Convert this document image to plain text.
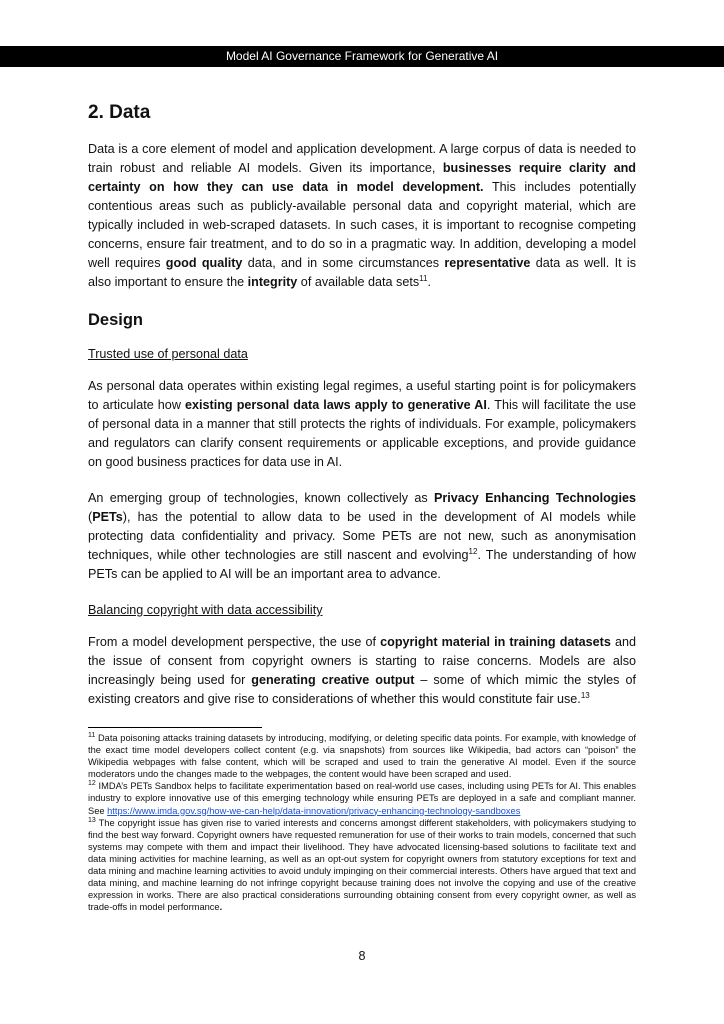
Model AI Governance Framework for Generative AI
2. Data

Data is a core element of model and application development. A large corpus of data is needed to train robust and reliable AI models. Given its importance, businesses require clarity and certainty on how they can use data in model development. This includes potentially contentious areas such as publicly-available personal data and copyright material, which are typically included in web-scraped datasets. In such cases, it is important to recognise competing concerns, ensure fair treatment, and to do so in a pragmatic way. In addition, developing a model well requires good quality data, and in some circumstances representative data as well. It is also important to ensure the integrity of available data sets$^{11}$.

Design
Trusted use of personal data

As personal data operates within existing legal regimes, a useful starting point is for policymakers to articulate how existing personal data laws apply to generative AI. This will facilitate the use of personal data in a manner that still protects the rights of individuals. For example, policymakers and regulators can clarify consent requirements or applicable exceptions, and provide guidance on good business practices for data use in AI.

An emerging group of technologies, known collectively as Privacy Enhancing Technologies (PETs), has the potential to allow data to be used in the development of AI models while protecting data confidentiality and privacy. Some PETs are not new, such as anonymisation techniques, while other technologies are still nascent and evolving$^{12}$. The understanding of how PETs can be applied to AI will be an important area to advance.

Balancing copyright with data accessibility

From a model development perspective, the use of copyright material in training datasets and the issue of consent from copyright owners is starting to raise concerns. Models are also increasingly being used for generating creative output – some of which mimic the styles of existing creators and give rise to considerations of whether this would constitute fair use.$^{13}$

$^{11}$ Data poisoning attacks training datasets by introducing, modifying, or deleting specific data points. For example, with knowledge of the exact time model developers collect content (e.g. via snapshots) from sources like Wikipedia, bad actors can “poison” the Wikipedia webpages with false content, which will be scraped and used to train the generative AI model. Even if the source moderators undo the changes made to the webpages, the content would have been scraped and used.

$^{12}$ IMDA’s PETs Sandbox helps to facilitate experimentation based on real-world use cases, including using PETs for AI. This enables industry to explore innovative use of this emerging technology while ensuring PETs are deployed in a safe and compliant manner. See https://www.imda.gov.sg/how-we-can-help/data-innovation/privacy-enhancing-technology-sandboxes

$^{13}$ The copyright issue has given rise to varied interests and concerns amongst different stakeholders, with policymakers studying to find the best way forward. Copyright owners have requested remuneration for use of their works to train models, concerned that such systems may compete with them and impact their livelihood. They have advocated licensing-based solutions to facilitate text and data mining activities for machine learning, as well as an opt-out system for copyright owners from statutory exceptions for text and data mining and machine learning activities to avoid unduly impinging on their commercial interests. Others have argued that text and data mining, and machine learning do not infringe copyright because training does not involve the copying and use of the creative expression in works. There are also practical considerations surrounding obtaining consent from every copyright owner, as well as trade-offs in model performance.

8
